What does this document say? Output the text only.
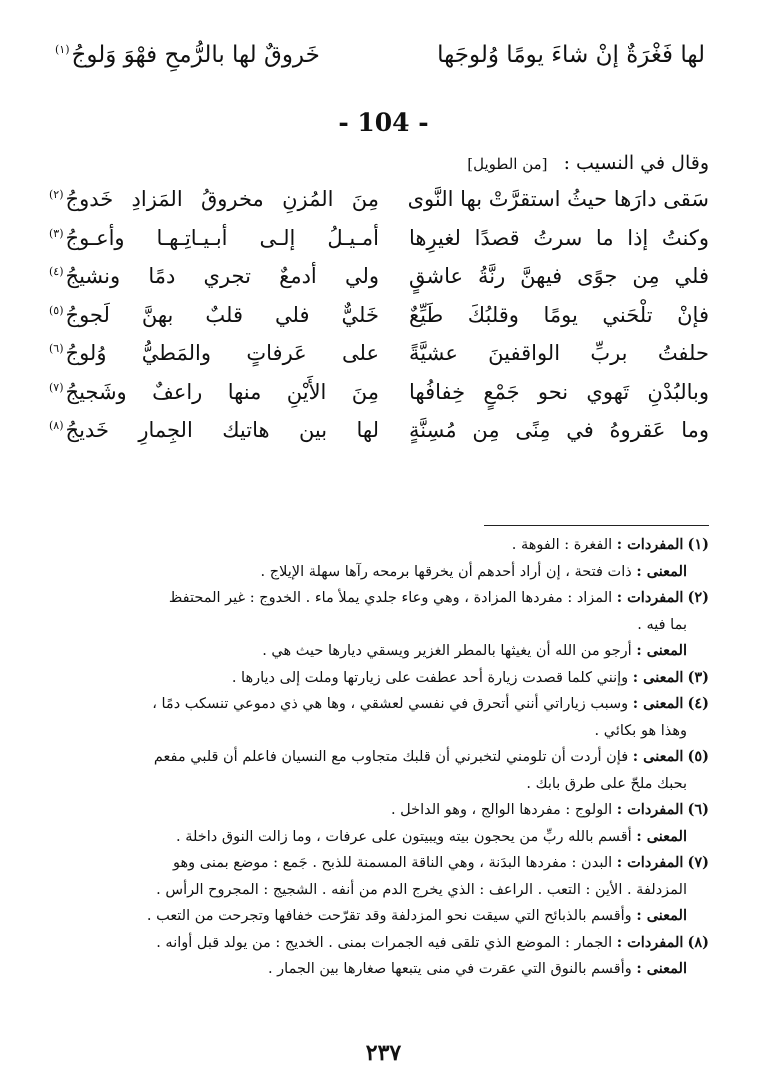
لها فَغْرَةٌ إنْ شاءَ يومًا وُلوجَها
خَروقٌ لها بالرُّمحِ فهْوَ وَلوجُ$^{(١)}$
- 104 -
وقال في النسيب : [من الطويل]
سَقى دارَها حيثُ استقرَّتْ بها النَّوى
مِنَ المُزنِ مخروقُ المَزادِ خَدوجُ$^{(٢)}$
وكنتُ إذا ما سرتُ قصدًا لغيرِها
أمـيـلُ إلـى أبـيـاتِـهـا وأعـوجُ$^{(٣)}$
فلي مِن جوًى فيهنَّ رنَّةُ عاشقٍ
ولي أدمعٌ تجري دمًا ونشيجُ$^{(٤)}$
فإنْ تلْحَني يومًا وقلبُكَ طَيِّعٌ
خَليٌّ فلي قلبٌ بهنَّ لَجوجُ$^{(٥)}$
حلفتُ بربِّ الواقفينَ عشيَّةً
على عَرفاتٍ والمَطيُّ وُلوجُ$^{(٦)}$
وبالبُدْنِ تَهوي نحو جَمْعٍ خِفافُها
مِنَ الأَيْنِ منها راعفٌ وشَجيجُ$^{(٧)}$
وما عَقروهُ في مِنًى مِن مُسِنَّةٍ
لها بين هاتيك الجِمارِ خَديجُ$^{(٨)}$
(١)المفردات : الفغرة : الفوهة .
المعنى : ذات فتحة ، إن أراد أحدهم أن يخرقها برمحه رآها سهلة الإيلاج .
(٢)المفردات : المزاد : مفردها المزادة ، وهي وعاء جلدي يملأ ماء . الخدوج : غير المحتفظ
بما فيه .
المعنى : أرجو من الله أن يغيثها بالمطر الغزير ويسقي ديارها حيث هي .
(٣)المعنى : وإنني كلما قصدت زيارة أحد عطفت على زيارتها وملت إلى ديارها .
(٤)المعنى : وسبب زياراتي أنني أتحرق في نفسي لعشقي ، وها هي ذي دموعي تنسكب دمًا ،
وهذا هو بكائي .
(٥)المعنى : فإن أردت أن تلومني لتخبرني أن قلبك متجاوب مع النسيان فاعلم أن قلبي مفعم
بحبك ملحّ على طرق بابك .
(٦)المفردات : الولوج : مفردها الوالج ، وهو الداخل .
المعنى : أقسم بالله ربِّ من يحجون بيته ويبيتون على عرفات ، وما زالت النوق داخلة .
(٧)المفردات : البدن : مفردها البدَنة ، وهي الناقة المسمنة للذبح . جَمع : موضع بمنى وهو
المزدلفة . الأين : التعب . الراعف : الذي يخرج الدم من أنفه . الشجيج : المجروح الرأس .
المعنى : وأقسم بالذبائح التي سيقت نحو المزدلفة وقد تقرّحت خفافها وتجرحت من التعب .
(٨)المفردات : الجمار : الموضع الذي تلقى فيه الجمرات بمنى . الخديج : من يولد قبل أوانه .
المعنى : وأقسم بالنوق التي عقرت في منى يتبعها صغارها بين الجمار .
٢٣٧
